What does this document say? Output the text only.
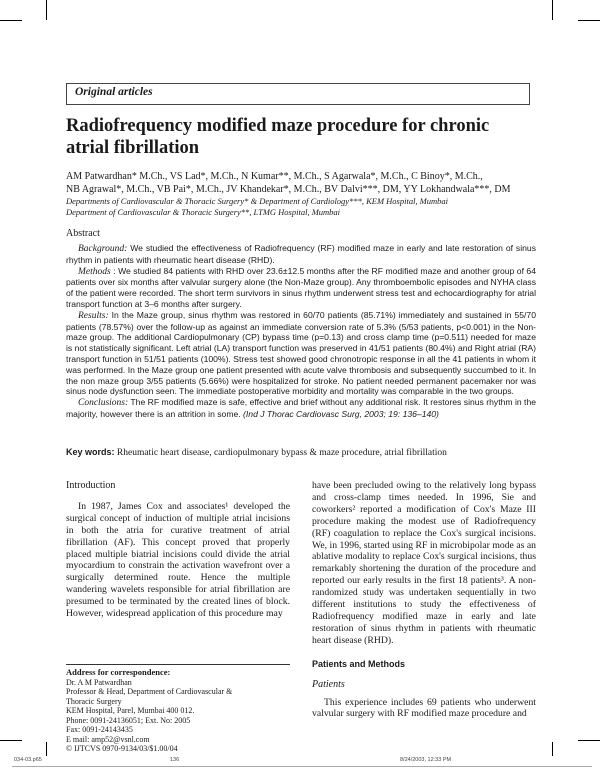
Original articles
Radiofrequency modified maze procedure for chronic atrial fibrillation
AM Patwardhan* M.Ch., VS Lad*, M.Ch., N Kumar**, M.Ch., S Agarwala*, M.Ch., C Binoy*, M.Ch.,
NB Agrawal*, M.Ch., VB Pai*, M.Ch., JV Khandekar*, M.Ch., BV Dalvi***, DM, YY Lokhandwala***, DM
Departments of Cardiovascular & Thoracic Surgery* & Department of Cardiology***, KEM Hospital, Mumbai
Department of Cardiovascular & Thoracic Surgery**, LTMG Hospital, Mumbai
Abstract

Background: We studied the effectiveness of Radiofrequency (RF) modified maze in early and late restoration of sinus rhythm in patients with rheumatic heart disease (RHD).

Methods : We studied 84 patients with RHD over 23.6±12.5 months after the RF modified maze and another group of 64 patients over six months after valvular surgery alone (the Non-Maze group). Any thromboembolic episodes and NYHA class of the patient were recorded. The short term survivors in sinus rhythm underwent stress test and echocardiography for atrial transport function at 3–6 months after surgery.

Results: In the Maze group, sinus rhythm was restored in 60/70 patients (85.71%) immediately and sustained in 55/70 patients (78.57%) over the follow-up as against an immediate conversion rate of 5.3% (5/53 patients, p<0.001) in the Non-maze group. The additional Cardiopulmonary (CP) bypass time (p=0.13) and cross clamp time (p=0.511) needed for maze is not statistically significant. Left atrial (LA) transport function was preserved in 41/51 patients (80.4%) and Right atrial (RA) transport function in 51/51 patients (100%). Stress test showed good chronotropic response in all the 41 patients in whom it was performed. In the Maze group one patient presented with acute valve thrombosis and subsequently succumbed to it. In the non maze group 3/55 patients (5.66%) were hospitalized for stroke. No patient needed permanent pacemaker nor was sinus node dysfunction seen. The immediate postoperative morbidity and mortality was comparable in the two groups.

Conclusions: The RF modified maze is safe, effective and brief without any additional risk. It restores sinus rhythm in the majority, however there is an attrition in some. (Ind J Thorac Cardiovasc Surg, 2003; 19: 136–140)

Key words: Rheumatic heart disease, cardiopulmonary bypass & maze procedure, atrial fibrillation
Introduction

In 1987, James Cox and associates¹ developed the surgical concept of induction of multiple atrial incisions in both the atria for curative treatment of atrial fibrillation (AF). This concept proved that properly placed multiple biatrial incisions could divide the atrial myocardium to constrain the activation wavefront over a surgically determined route. Hence the multiple wandering wavelets responsible for atrial fibrillation are presumed to be terminated by the created lines of block. However, widespread application of this procedure may

Address for correspondence:
Dr. A M Patwardhan
Professor & Head, Department of Cardiovascular &
Thoracic Surgery
KEM Hospital, Parel, Mumbai 400 012.
Phone: 0091-24136051; Ext. No: 2005
Fax: 0091-24143435
E mail: amp52@vsnl.com
© IJTCVS 0970-9134/03/$1.00/04

have been precluded owing to the relatively long bypass and cross-clamp times needed. In 1996, Sie and coworkers² reported a modification of Cox's Maze III procedure making the modest use of Radiofrequency (RF) coagulation to replace the Cox's surgical incisions. We, in 1996, started using RF in microbipolar mode as an ablative modality to replace Cox's surgical incisions, thus remarkably shortening the duration of the procedure and reported our early results in the first 18 patients³. A non-randomized study was undertaken sequentially in two different institutions to study the effectiveness of Radiofrequency modified maze in early and late restoration of sinus rhythm in patients with rheumatic heart disease (RHD).

Patients and Methods
Patients

This experience includes 69 patients who underwent valvular surgery with RF modified maze procedure and

034-03.p65	136	8/24/2003, 12:33 PM
